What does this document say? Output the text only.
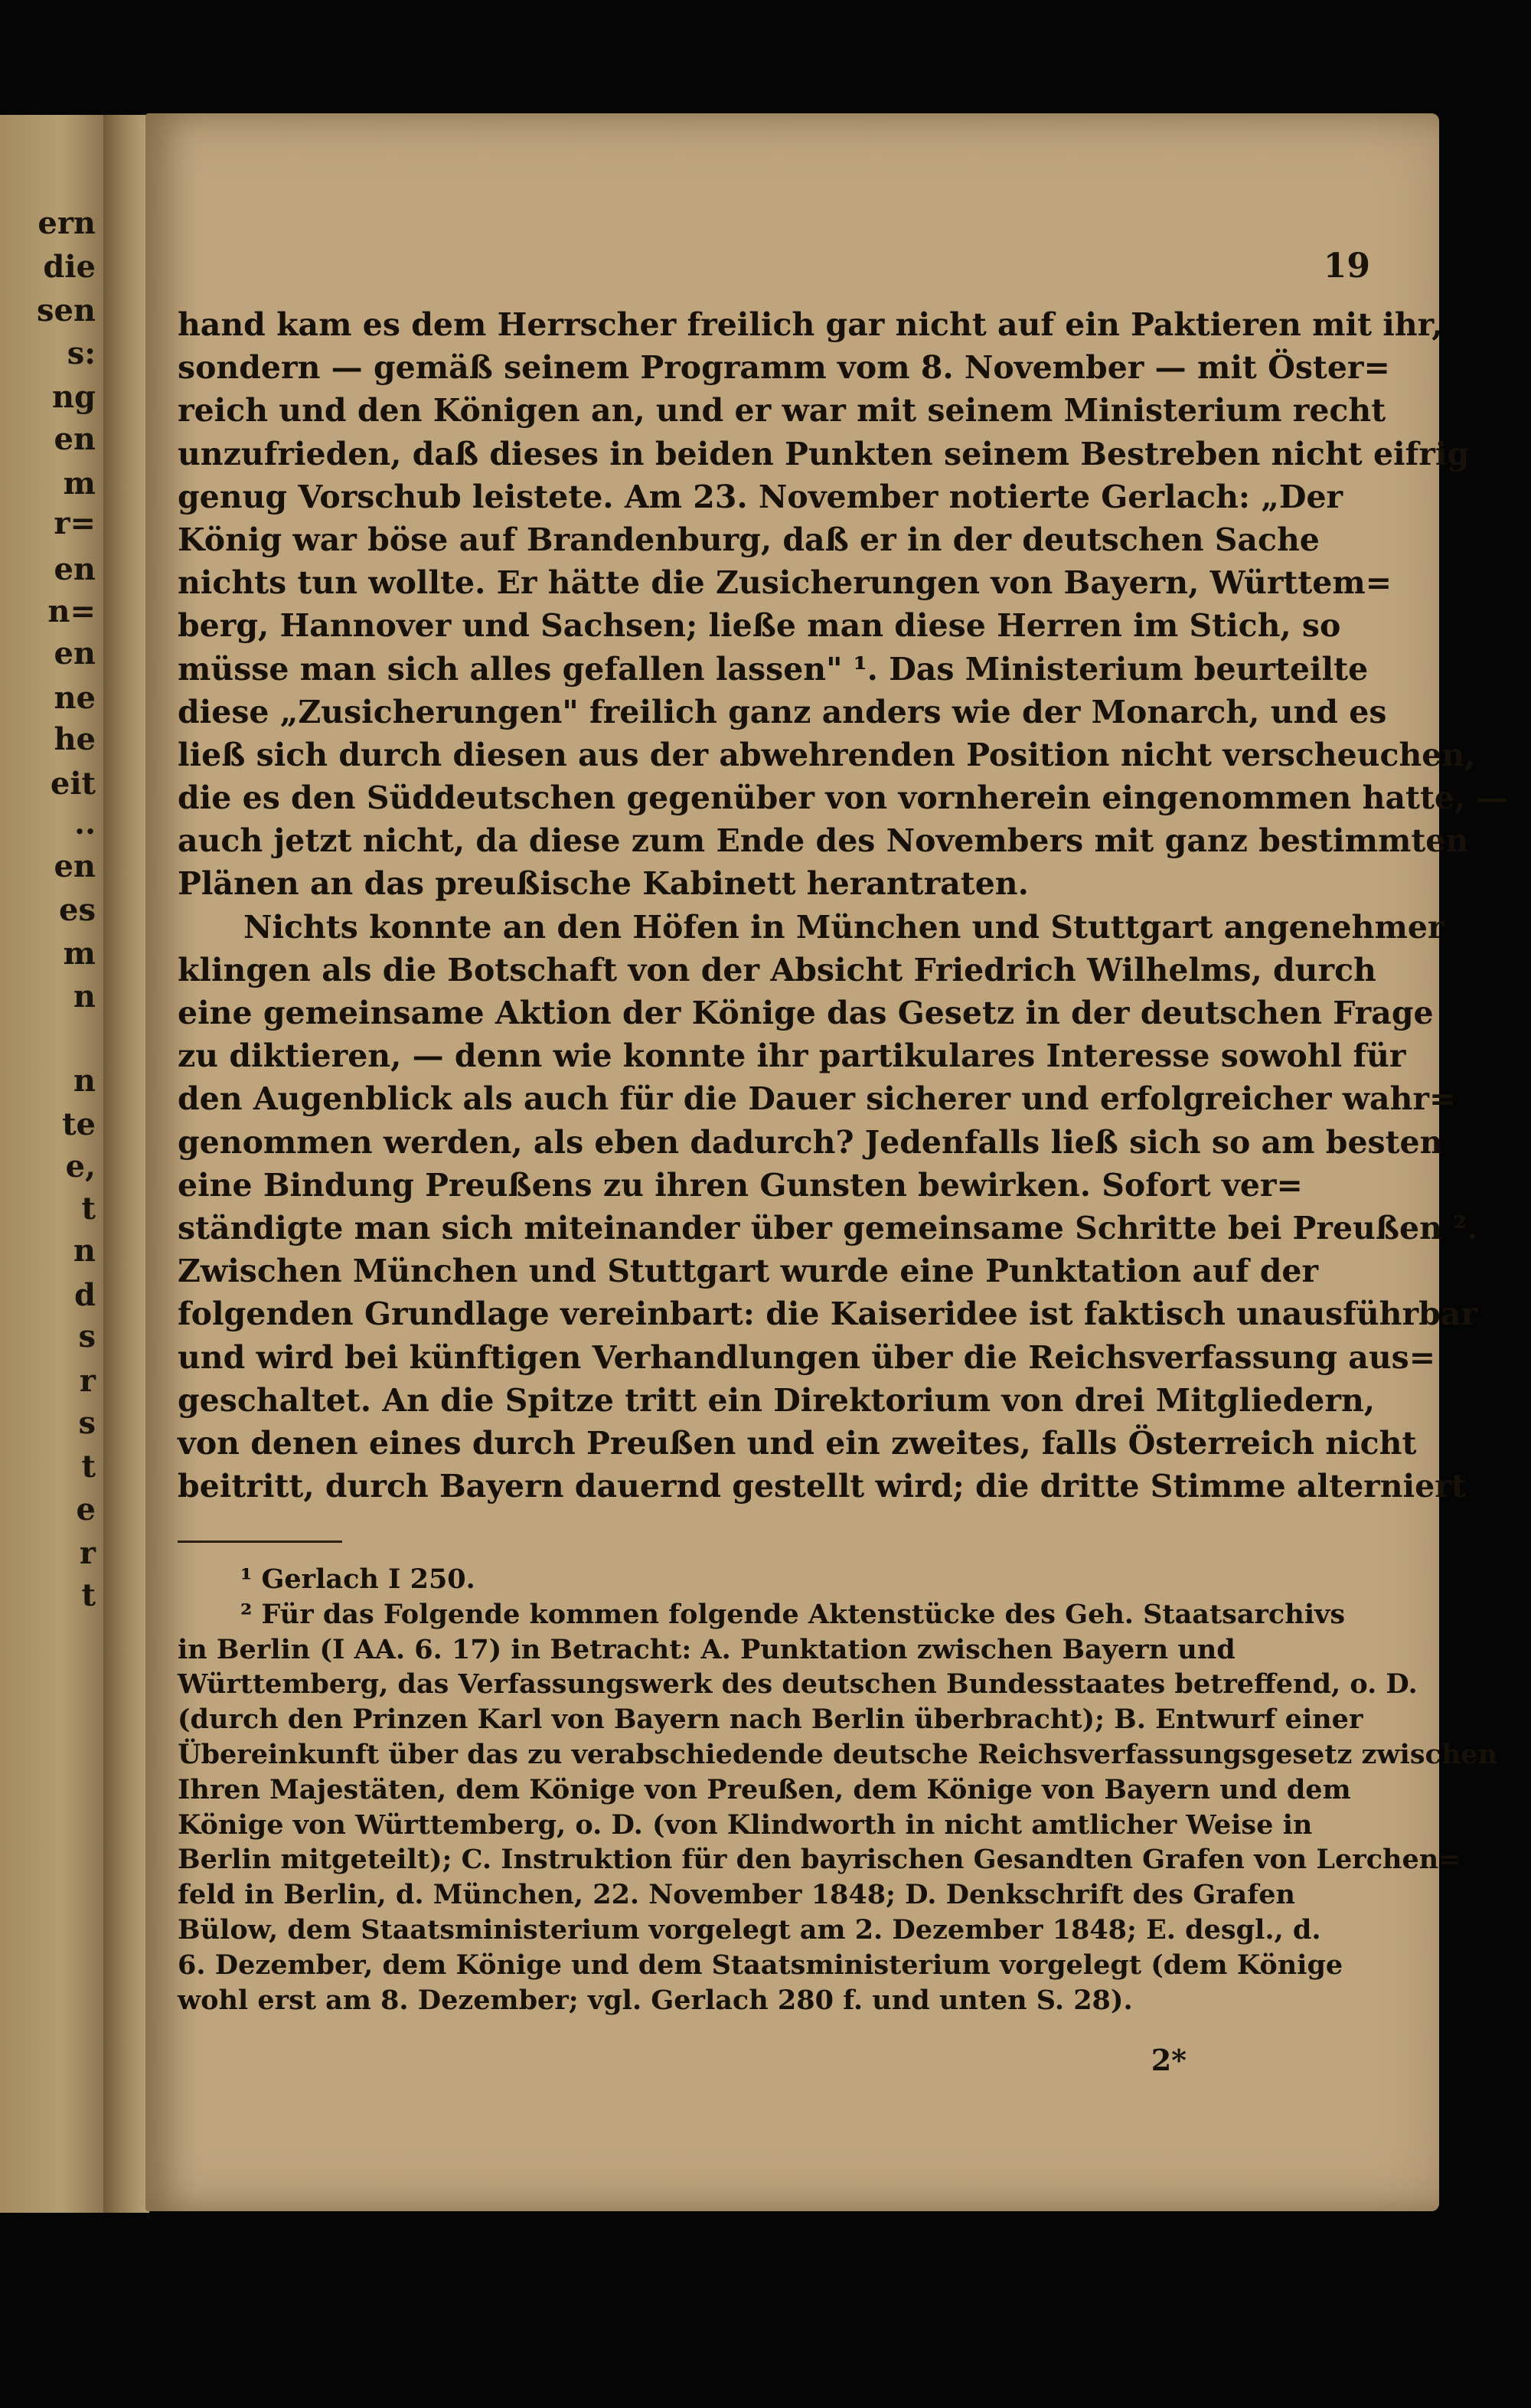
ern
die
sen
s:
ng
en
m
r=
en
n=
en
ne
he
eit
..
en
es
m
n
n
te
e,
t
n
d
s
r
s
t
e
r
t
19
hand kam es dem Herrscher freilich gar nicht auf ein Paktieren mit ihr,
sondern — gemäß seinem Programm vom 8. November — mit Öster=
reich und den Königen an, und er war mit seinem Ministerium recht
unzufrieden, daß dieses in beiden Punkten seinem Bestreben nicht eifrig
genug Vorschub leistete. Am 23. November notierte Gerlach: „Der
König war böse auf Brandenburg, daß er in der deutschen Sache
nichts tun wollte. Er hätte die Zusicherungen von Bayern, Württem=
berg, Hannover und Sachsen; ließe man diese Herren im Stich, so
müsse man sich alles gefallen lassen" ¹. Das Ministerium beurteilte
diese „Zusicherungen" freilich ganz anders wie der Monarch, und es
ließ sich durch diesen aus der abwehrenden Position nicht verscheuchen,
die es den Süddeutschen gegenüber von vornherein eingenommen hatte, —
auch jetzt nicht, da diese zum Ende des Novembers mit ganz bestimmten
Plänen an das preußische Kabinett herantraten.
Nichts konnte an den Höfen in München und Stuttgart angenehmer
klingen als die Botschaft von der Absicht Friedrich Wilhelms, durch
eine gemeinsame Aktion der Könige das Gesetz in der deutschen Frage
zu diktieren, — denn wie konnte ihr partikulares Interesse sowohl für
den Augenblick als auch für die Dauer sicherer und erfolgreicher wahr=
genommen werden, als eben dadurch? Jedenfalls ließ sich so am besten
eine Bindung Preußens zu ihren Gunsten bewirken. Sofort ver=
ständigte man sich miteinander über gemeinsame Schritte bei Preußen ².
Zwischen München und Stuttgart wurde eine Punktation auf der
folgenden Grundlage vereinbart: die Kaiseridee ist faktisch unausführbar
und wird bei künftigen Verhandlungen über die Reichsverfassung aus=
geschaltet. An die Spitze tritt ein Direktorium von drei Mitgliedern,
von denen eines durch Preußen und ein zweites, falls Österreich nicht
beitritt, durch Bayern dauernd gestellt wird; die dritte Stimme alterniert
¹ Gerlach I 250.
² Für das Folgende kommen folgende Aktenstücke des Geh. Staatsarchivs
in Berlin (I AA. 6. 17) in Betracht: A. Punktation zwischen Bayern und
Württemberg, das Verfassungswerk des deutschen Bundesstaates betreffend, o. D.
(durch den Prinzen Karl von Bayern nach Berlin überbracht); B. Entwurf einer
Übereinkunft über das zu verabschiedende deutsche Reichsverfassungsgesetz zwischen
Ihren Majestäten, dem Könige von Preußen, dem Könige von Bayern und dem
Könige von Württemberg, o. D. (von Klindworth in nicht amtlicher Weise in
Berlin mitgeteilt); C. Instruktion für den bayrischen Gesandten Grafen von Lerchen=
feld in Berlin, d. München, 22. November 1848; D. Denkschrift des Grafen
Bülow, dem Staatsministerium vorgelegt am 2. Dezember 1848; E. desgl., d.
6. Dezember, dem Könige und dem Staatsministerium vorgelegt (dem Könige
wohl erst am 8. Dezember; vgl. Gerlach 280 f. und unten S. 28).
2*
